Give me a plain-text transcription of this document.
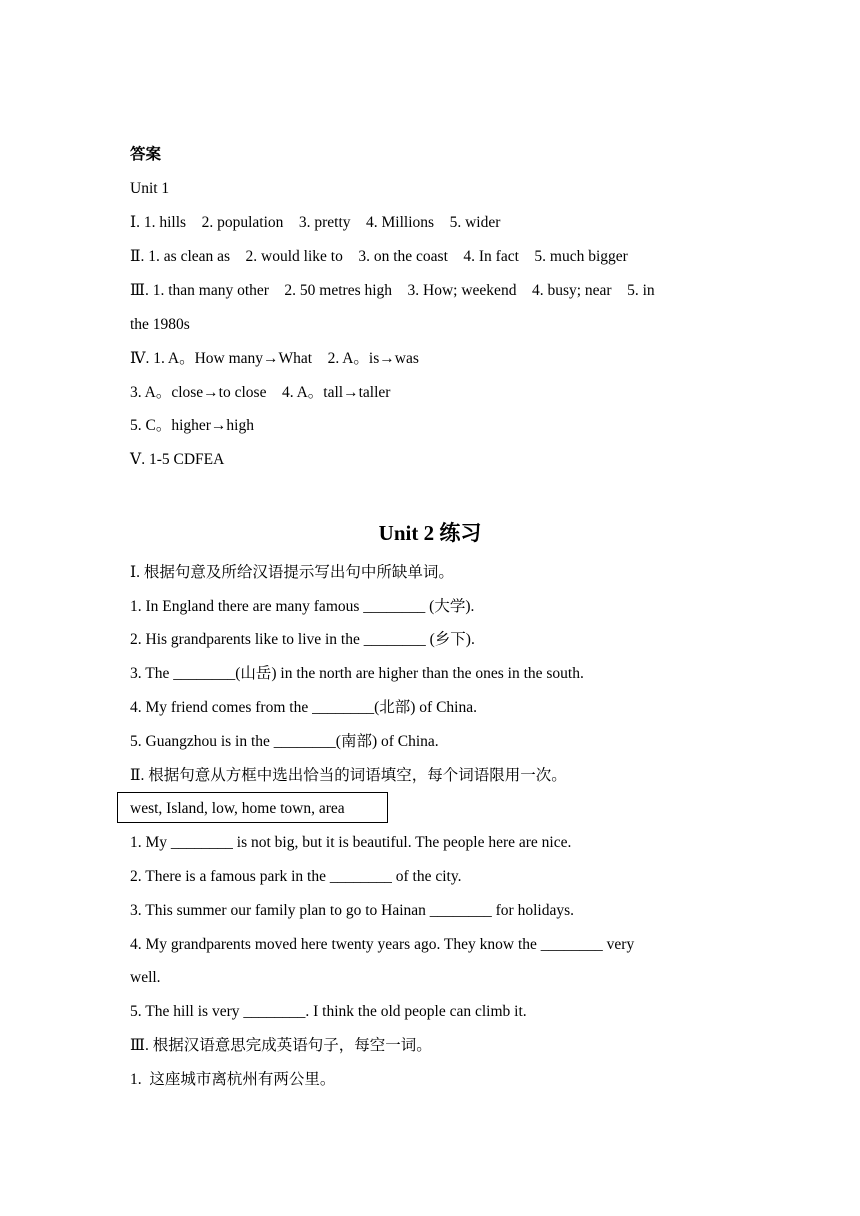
答案
Unit 1
Ⅰ. 1. hills    2. population    3. pretty    4. Millions    5. wider
Ⅱ. 1. as clean as    2. would like to    3. on the coast    4. In fact    5. much bigger
Ⅲ. 1. than many other    2. 50 metres high    3. How; weekend    4. busy; near    5. in
the 1980s
Ⅳ. 1. A。How many→What    2. A。is→was
3. A。close→to close    4. A。tall→taller
5. C。higher→high
Ⅴ. 1-5 CDFEA
Unit 2 练习
Ⅰ. 根据句意及所给汉语提示写出句中所缺单词。
1. In England there are many famous ________ (大学).
2. His grandparents like to live in the ________ (乡下).
3. The ________(山岳) in the north are higher than the ones in the south.
4. My friend comes from the ________(北部) of China.
5. Guangzhou is in the ________(南部) of China.
Ⅱ. 根据句意从方框中选出恰当的词语填空，每个词语限用一次。
west, Island, low, home town, area
1. My ________ is not big, but it is beautiful. The people here are nice.
2. There is a famous park in the ________ of the city.
3. This summer our family plan to go to Hainan ________ for holidays.
4. My grandparents moved here twenty years ago. They know the ________ very
well.
5. The hill is very ________. I think the old people can climb it.
Ⅲ. 根据汉语意思完成英语句子，每空一词。
1.  这座城市离杭州有两公里。
